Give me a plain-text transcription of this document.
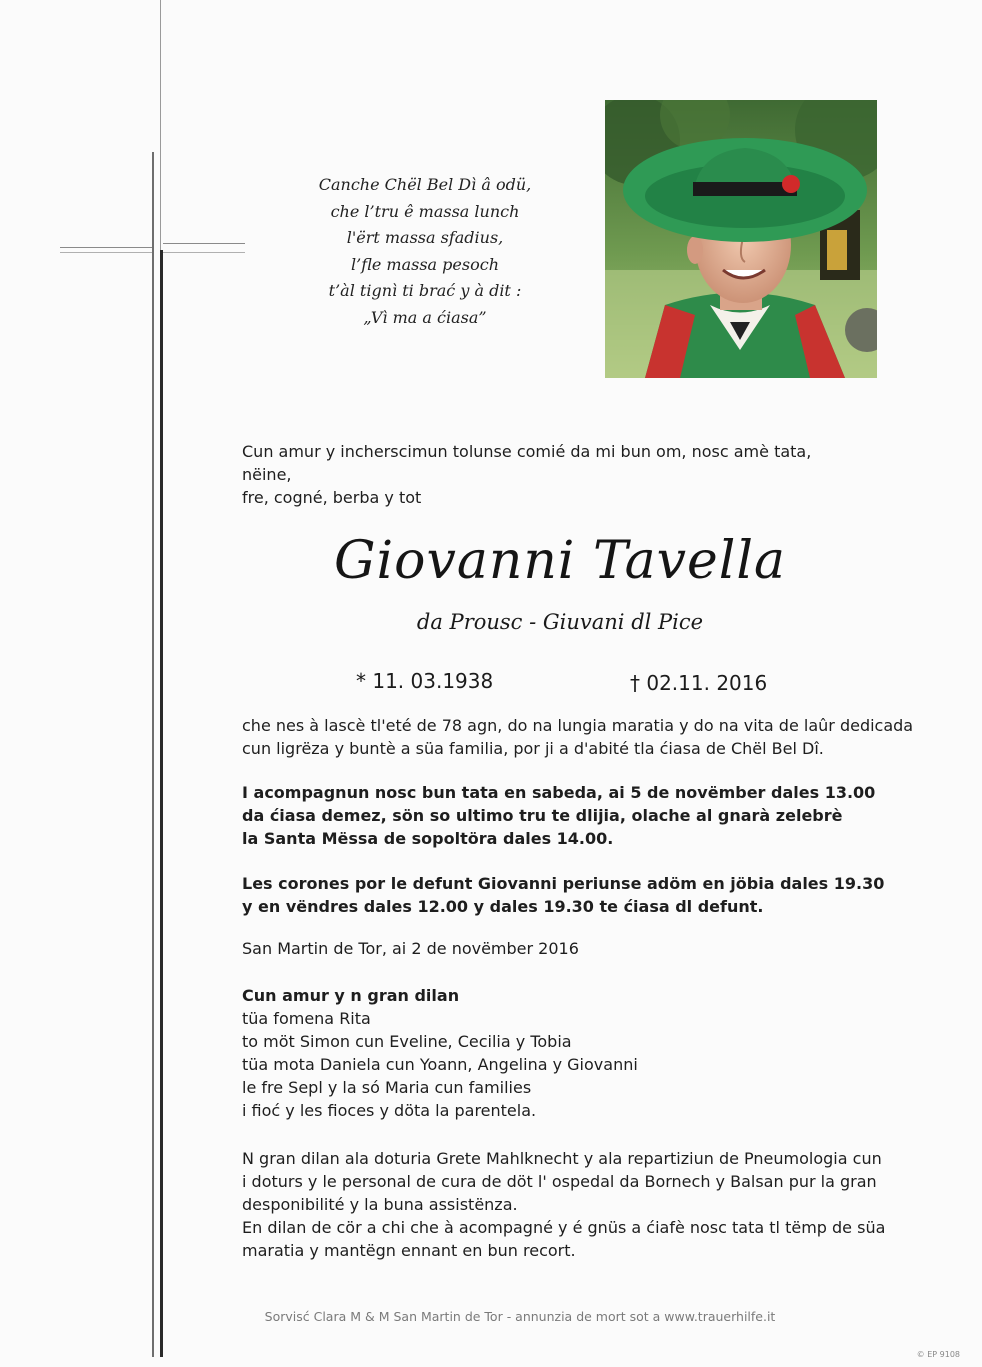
Canche Chël Bel Dì â odü,
che l’tru ê massa lunch
l'ërt massa sfadius,
l’fle massa pesoch
t’àl tignì ti brać y à dit :
„Vì ma a ćiasa”
Cun amur y incherscimun tolunse comié da mi bun om, nosc amè tata, nëine,
fre, cogné, berba y tot
Giovanni Tavella
da Prousc - Giuvani dl Pice
* 11. 03.1938	† 02.11. 2016
che nes à lascè tl'eté de 78 agn, do na lungia maratia y do na vita de laûr dedicada
cun ligrëza y buntè a süa familia, por ji a d'abité tla ćiasa de Chël Bel Dî.
I acompagnun nosc bun tata en sabeda, ai 5 de novëmber dales 13.00
da ćiasa demez, sön so ultimo tru te dlijia, olache al gnarà zelebrè
la Santa Mëssa de sopoltöra dales 14.00.
Les corones por le defunt Giovanni periunse adöm en jöbia dales 19.30
y en vëndres dales 12.00 y dales 19.30 te ćiasa dl defunt.
San Martin de Tor, ai 2 de novëmber 2016
Cun amur y n gran dilan
tüa fomena Rita
to möt Simon cun Eveline, Cecilia y Tobia
tüa mota Daniela cun Yoann, Angelina y Giovanni
le fre Sepl y la só Maria cun families
i fioć y les fioces y döta la parentela.
N gran dilan ala doturia Grete Mahlknecht y ala repartiziun de Pneumologia cun
i doturs y le personal de cura de döt l' ospedal da Bornech y Balsan pur la gran
desponibilité y la buna assistënza.
En dilan de cör a chi che à acompagné y é gnüs a ćiafè nosc tata tl tëmp de süa
maratia y mantëgn ennant en bun recort.
Sorvisć Clara M & M San Martin de Tor - annunzia de mort sot a www.trauerhilfe.it
© EP 9108
